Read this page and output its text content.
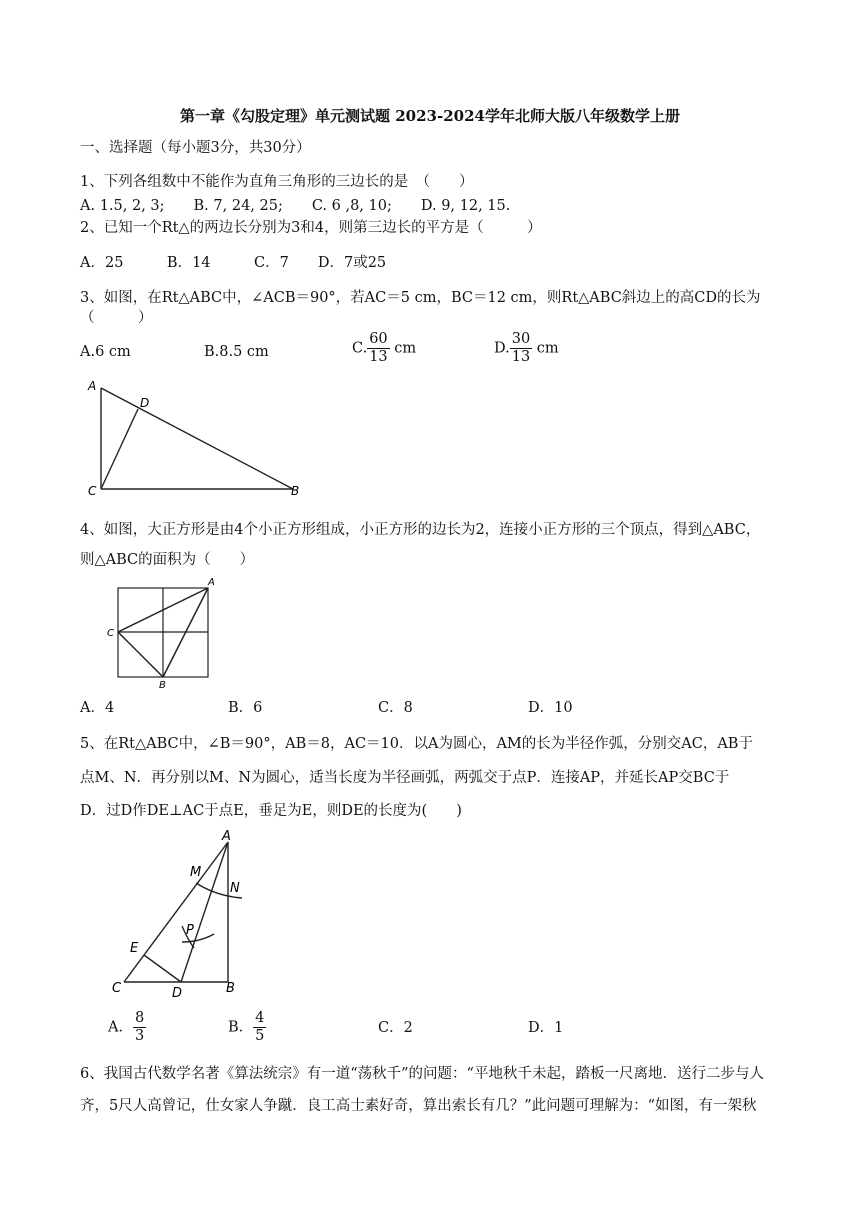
第一章《勾股定理》单元测试题 2023-2024学年北师大版八年级数学上册
一、选择题（每小题3分，共30分）
1、下列各组数中不能作为直角三角形的三边长的是　（　　）
A. 1.5, 2, 3;　　B. 7, 24, 25;　　C. 6 ,8, 10;　　D. 9, 12, 15.
2、已知一个Rt△的两边长分别为3和4，则第三边长的平方是（　　　）
A．25　　　B．14　　　C．7　　D．7或25
3、如图，在Rt△ABC中，∠ACB＝90°，若AC＝5 cm，BC＝12 cm，则Rt△ABC斜边上的高CD的长为
（　　　）
A.6 cm	B.8.5 cm	C. $\frac{60}{13}$ cm	D. $\frac{30}{13}$ cm
A
D
C	B
4、如图，大正方形是由4个小正方形组成，小正方形的边长为2，连接小正方形的三个顶点，得到△ABC，
则△ABC的面积为（　　）
A
C
B
A．4	B．6	C．8	D．10
5、在Rt△ABC中，∠B＝90°，AB＝8，AC＝10．以A为圆心，AM的长为半径作弧，分别交AC，AB于
点M、N．再分别以M、N为圆心，适当长度为半径画弧，两弧交于点P．连接AP，并延长AP交BC于
D．过D作DE⊥AC于点E，垂足为E，则DE的长度为(　　)
A
M
N
P
E
C	D	B
A． $\frac{8}{3}$	B． $\frac{4}{5}$	C．2	D．1
6、我国古代数学名著《算法统宗》有一道“荡秋千”的问题：“平地秋千未起，踏板一尺离地．送行二步与人
齐，5尺人高曾记，仕女家人争蹴．良工高士素好奇，算出索长有几？”此问题可理解为：“如图，有一架秋
